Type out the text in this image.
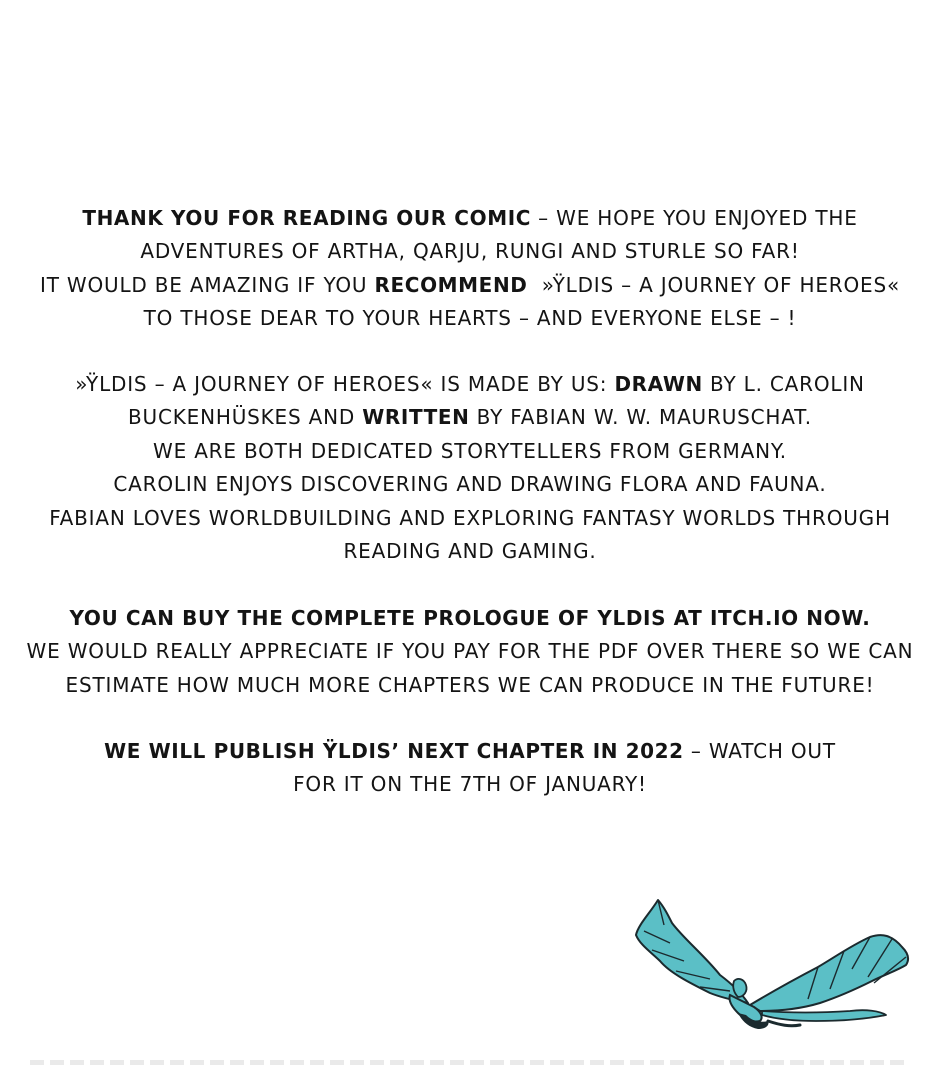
THANK YOU FOR READING OUR COMIC – WE HOPE YOU ENJOYED THE
ADVENTURES OF ARTHA, QARJU, RUNGI AND STURLE SO FAR!
IT WOULD BE AMAZING IF YOU RECOMMEND  »ŸLDIS – A JOURNEY OF HEROES«
TO THOSE DEAR TO YOUR HEARTS – AND EVERYONE ELSE – !
»ŸLDIS – A JOURNEY OF HEROES« IS MADE BY US: DRAWN BY L. CAROLIN
BUCKENHÜSKES AND WRITTEN BY FABIAN W. W. MAURUSCHAT.
WE ARE BOTH DEDICATED STORYTELLERS FROM GERMANY.
CAROLIN ENJOYS DISCOVERING AND DRAWING FLORA AND FAUNA.
FABIAN LOVES WORLDBUILDING AND EXPLORING FANTASY WORLDS THROUGH
READING AND GAMING.
YOU CAN BUY THE COMPLETE PROLOGUE OF YLDIS AT ITCH.IO NOW.
WE WOULD REALLY APPRECIATE IF YOU PAY FOR THE PDF OVER THERE SO WE CAN
ESTIMATE HOW MUCH MORE CHAPTERS WE CAN PRODUCE IN THE FUTURE!
WE WILL PUBLISH ŸLDIS’ NEXT CHAPTER IN 2022 – WATCH OUT
FOR IT ON THE 7TH OF JANUARY!
